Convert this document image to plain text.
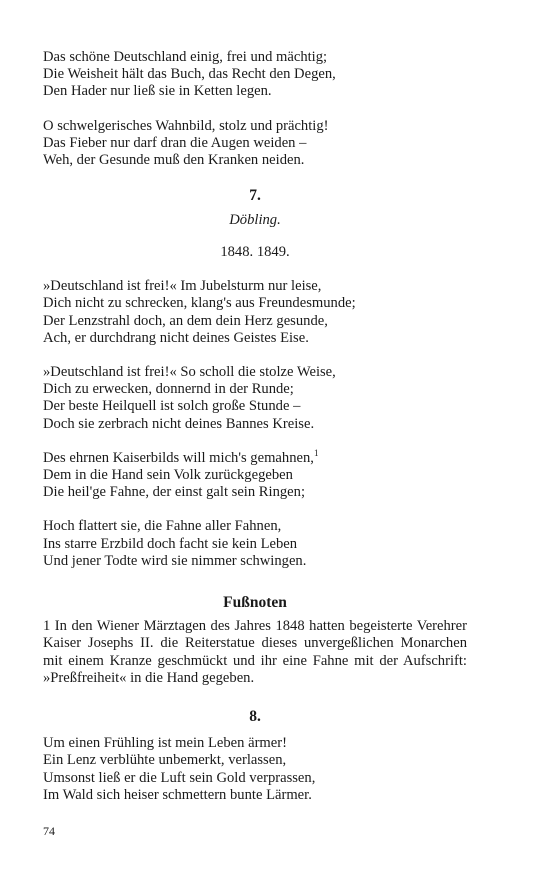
Das schöne Deutschland einig, frei und mächtig;
Die Weisheit hält das Buch, das Recht den Degen,
Den Hader nur ließ sie in Ketten legen.
O schwelgerisches Wahnbild, stolz und prächtig!
Das Fieber nur darf dran die Augen weiden –
Weh, der Gesunde muß den Kranken neiden.
7.
Döbling.
1848. 1849.
»Deutschland ist frei!« Im Jubelsturm nur leise,
Dich nicht zu schrecken, klang's aus Freundesmunde;
Der Lenzstrahl doch, an dem dein Herz gesunde,
Ach, er durchdrang nicht deines Geistes Eise.
»Deutschland ist frei!« So scholl die stolze Weise,
Dich zu erwecken, donnernd in der Runde;
Der beste Heilquell ist solch große Stunde –
Doch sie zerbrach nicht deines Bannes Kreise.
Des ehrnen Kaiserbilds will mich's gemahnen,$^1$
Dem in die Hand sein Volk zurückgegeben
Die heil'ge Fahne, der einst galt sein Ringen;
Hoch flattert sie, die Fahne aller Fahnen,
Ins starre Erzbild doch facht sie kein Leben
Und jener Todte wird sie nimmer schwingen.
Fußnoten

1 In den Wiener Märztagen des Jahres 1848 hatten begeisterte Verehrer Kaiser Josephs II. die Reiterstatue dieses unvergeßlichen Monarchen mit einem Kranze geschmückt und ihr eine Fahne mit der Aufschrift: »Preßfreiheit« in die Hand gegeben.

8.
Um einen Frühling ist mein Leben ärmer!
Ein Lenz verblühte unbemerkt, verlassen,
Umsonst ließ er die Luft sein Gold verprassen,
Im Wald sich heiser schmettern bunte Lärmer.
74
